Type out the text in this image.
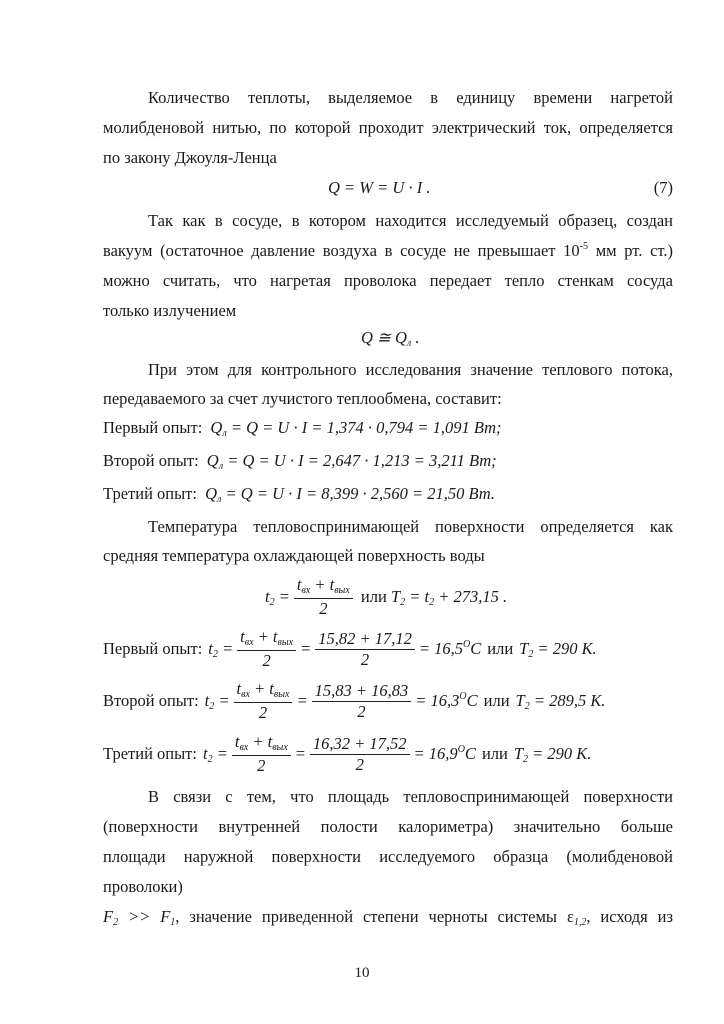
Количество теплоты, выделяемое в единицу времени нагретой
молибденовой нитью, по которой проходит электрический ток, определяется
по закону Джоуля-Ленца
Q = W = U · I .	(7)
Так как в сосуде, в котором находится исследуемый образец, создан
вакуум (остаточное давление воздуха в сосуде не превышает $10^{-5}$ мм рт. ст.)
можно считать, что нагретая проволока передает тепло стенкам сосуда
только излучением
Q ≅ Qл .
При этом для контрольного исследования значение теплового потока,
передаваемого за счет лучистого теплообмена, составит:
Первый опыт: Qл = Q = U · I = 1,374 · 0,794 = 1,091 Вт;
Второй опыт: Qл = Q = U · I = 2,647 · 1,213 = 3,211 Вт;
Третий опыт: Qл = Q = U · I = 8,399 · 2,560 = 21,50 Вт.
Температура тепловоспринимающей поверхности определяется как
средняя температура охлаждающей поверхность воды
$t2 = \frac{\text{tвх + tвых}}{2}$ или T2 = t2 + 273,15 .
Первый опыт: $t2 = \frac{\text{tвх + tвых}}{2} = \frac{15,82 + 17,12}{2} = 16,5^OC$ или T2 = 290 К.
Второй опыт: $t2 = \frac{\text{tвх + tвых}}{2} = \frac{15,83 + 16,83}{2} = 16,3^OC$ или T2 = 289,5 К.
Третий опыт: $t2 = \frac{\text{tвх + tвых}}{2} = \frac{16,32 + 17,52}{2} = 16,9^OC$ или T2 = 290 К.
В связи с тем, что площадь тепловоспринимающей поверхности
(поверхности внутренней полости калориметра) значительно больше
площади наружной поверхности исследуемого образца (молибденовой
проволоки)
F2 >> F1, значение приведенной степени черноты системы ε1,2, исходя из
10
